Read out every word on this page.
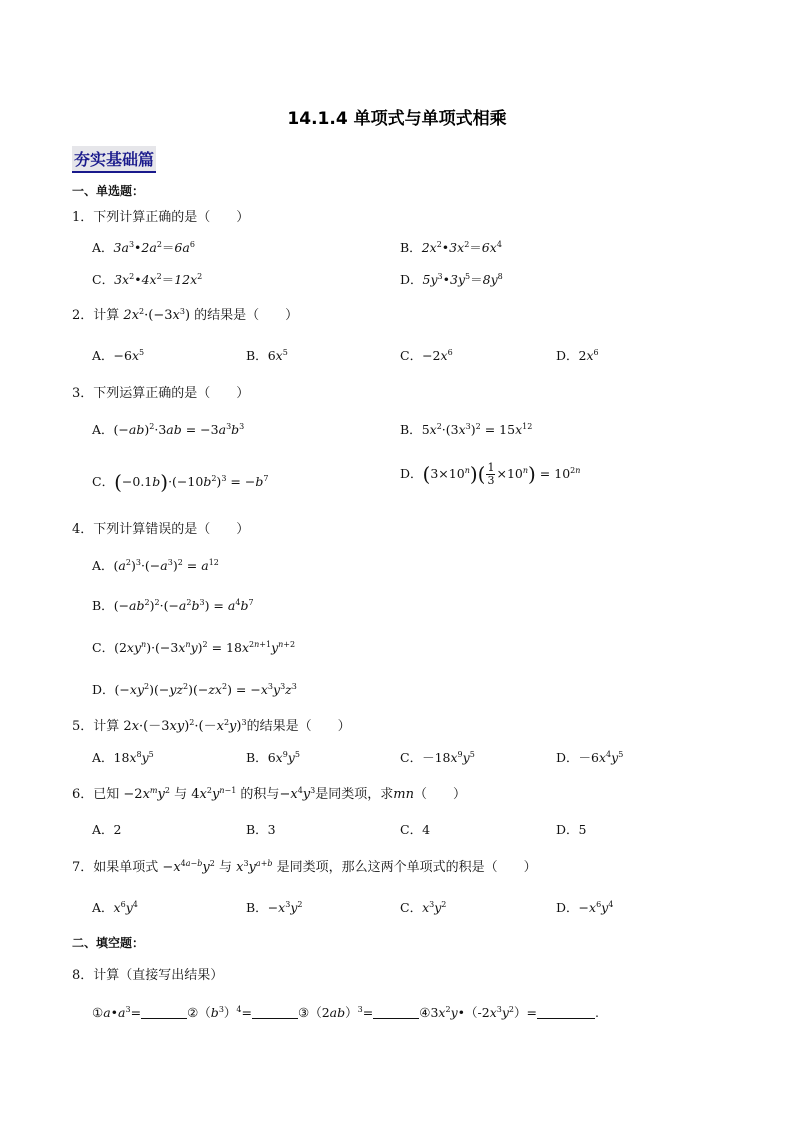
14.1.4 单项式与单项式相乘
夯实基础篇
一、单选题：
1．下列计算正确的是（　　）
A．$3a^3•2a^2=6a^6$	B．$2x^2•3x^2=6x^4$
C．$3x^2•4x^2=12x^2$	D．$5y^3•3y^5=8y^8$
2．计算 $2x^2\cdot(-3x^3)$ 的结果是（　　）
A．$-6x^5$	B．$6x^5$	C．$-2x^6$	D．$2x^6$
3．下列运算正确的是（　　）
A．$(-ab)^2\cdot 3ab = -3a^3b^3$	B．$5x^2\cdot(3x^3)^2 = 15x^{12}$
C．$(-0.1b)\cdot(-10b^2)^3 = -b^7$	D．$(3\times 10^n)( \frac{1}{3} \times 10^n) = 10^{2n}$
4．下列计算错误的是（　　）
A．$(a^2)^3\cdot(-a^3)^2 = a^{12}$
B．$(-ab^2)^2\cdot(-a^2b^3) = a^4b^7$
C．$(2xy^n)\cdot(-3x^ny)^2 = 18x^{2n+1}y^{n+2}$
D．$(-xy^2)(-yz^2)(-zx^2) = -x^3y^3z^3$
5．计算 $2x\cdot(-3xy)^2\cdot(-x^2y)^3$的结果是（　　）
A．$18x^8y^5$	B．$6x^9y^5$	C．$-18x^9y^5$	D．$-6x^4y^5$
6．已知 $-2x^my^2$ 与 $4x^2y^{n-1}$ 的积与$-x^4y^3$是同类项，求mn（　　）
A．2	B．3	C．4	D．5
7．如果单项式 $-x^{4a-b}y^2$ 与 $x^3y^{a+b}$ 是同类项，那么这两个单项式的积是（　　）
A．$x^6y^4$	B．$-x^3y^2$	C．$x^3y^2$	D．$-x^6y^4$
二、填空题：
8．计算（直接写出结果）
$①a•a^3=$	$②(b^3)^4=$	$③(2ab)^3=$	$④3x^2y•(-2x^3y^2)=$	.
